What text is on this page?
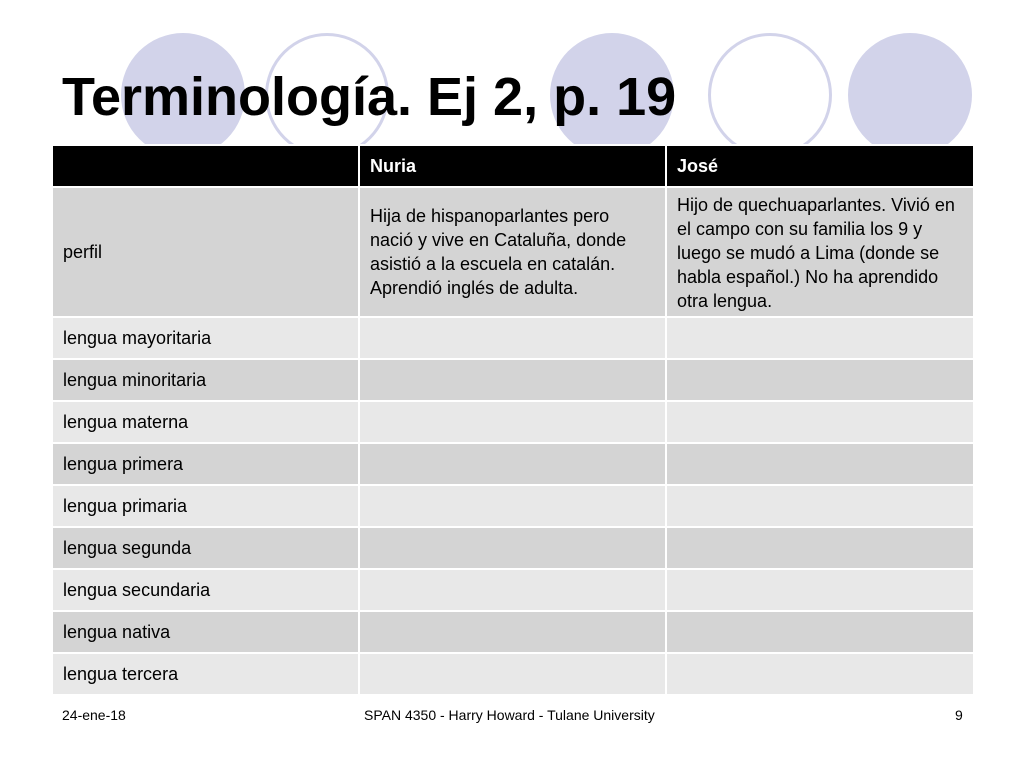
Terminología. Ej 2, p. 19
	Nuria	José
perfil	Hija de hispanoparlantes pero nació y vive en Cataluña, donde asistió a la escuela en catalán. Aprendió inglés de adulta.	Hijo de quechuaparlantes. Vivió en el campo con su familia los 9 y luego se mudó a Lima (donde se habla español.) No ha aprendido otra lengua.
lengua mayoritaria		
lengua minoritaria		
lengua materna		
lengua primera		
lengua primaria		
lengua segunda		
lengua secundaria		
lengua nativa		
lengua tercera		
24-ene-18	SPAN 4350 - Harry Howard - Tulane University	9
